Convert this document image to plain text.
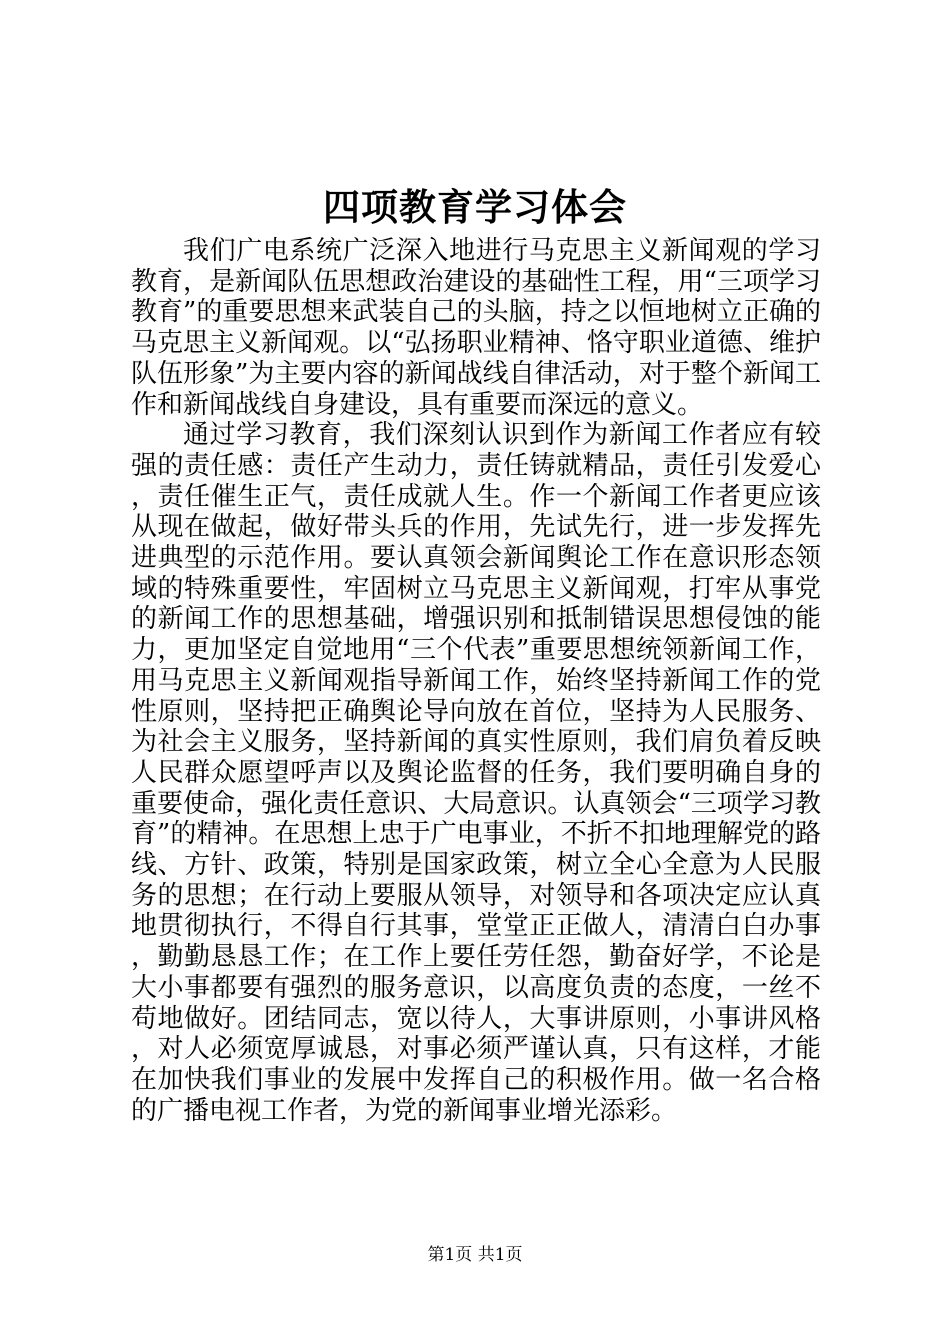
四项教育学习体会

我们广电系统广泛深入地进行马克思主义新闻观的学习教育，是新闻队伍思想政治建设的基础性工程，用“三项学习教育”的重要思想来武装自己的头脑，持之以恒地树立正确的马克思主义新闻观。以“弘扬职业精神、恪守职业道德、维护队伍形象”为主要内容的新闻战线自律活动，对于整个新闻工作和新闻战线自身建设，具有重要而深远的意义。

通过学习教育，我们深刻认识到作为新闻工作者应有较强的责任感：责任产生动力，责任铸就精品，责任引发爱心，责任催生正气，责任成就人生。作一个新闻工作者更应该从现在做起，做好带头兵的作用，先试先行，进一步发挥先进典型的示范作用。要认真领会新闻舆论工作在意识形态领域的特殊重要性，牢固树立马克思主义新闻观，打牢从事党的新闻工作的思想基础，增强识别和抵制错误思想侵蚀的能力，更加坚定自觉地用“三个代表”重要思想统领新闻工作，用马克思主义新闻观指导新闻工作，始终坚持新闻工作的党性原则，坚持把正确舆论导向放在首位，坚持为人民服务、为社会主义服务，坚持新闻的真实性原则，我们肩负着反映人民群众愿望呼声以及舆论监督的任务，我们要明确自身的重要使命，强化责任意识、大局意识。认真领会“三项学习教育”的精神。在思想上忠于广电事业，不折不扣地理解党的路线、方针、政策，特别是国家政策，树立全心全意为人民服务的思想；在行动上要服从领导，对领导和各项决定应认真地贯彻执行，不得自行其事，堂堂正正做人，清清白白办事，勤勤恳恳工作；在工作上要任劳任怨，勤奋好学，不论是大小事都要有强烈的服务意识，以高度负责的态度，一丝不苟地做好。团结同志，宽以待人，大事讲原则，小事讲风格，对人必须宽厚诚恳，对事必须严谨认真，只有这样，才能在加快我们事业的发展中发挥自己的积极作用。做一名合格的广播电视工作者，为党的新闻事业增光添彩。

第1页 共1页
